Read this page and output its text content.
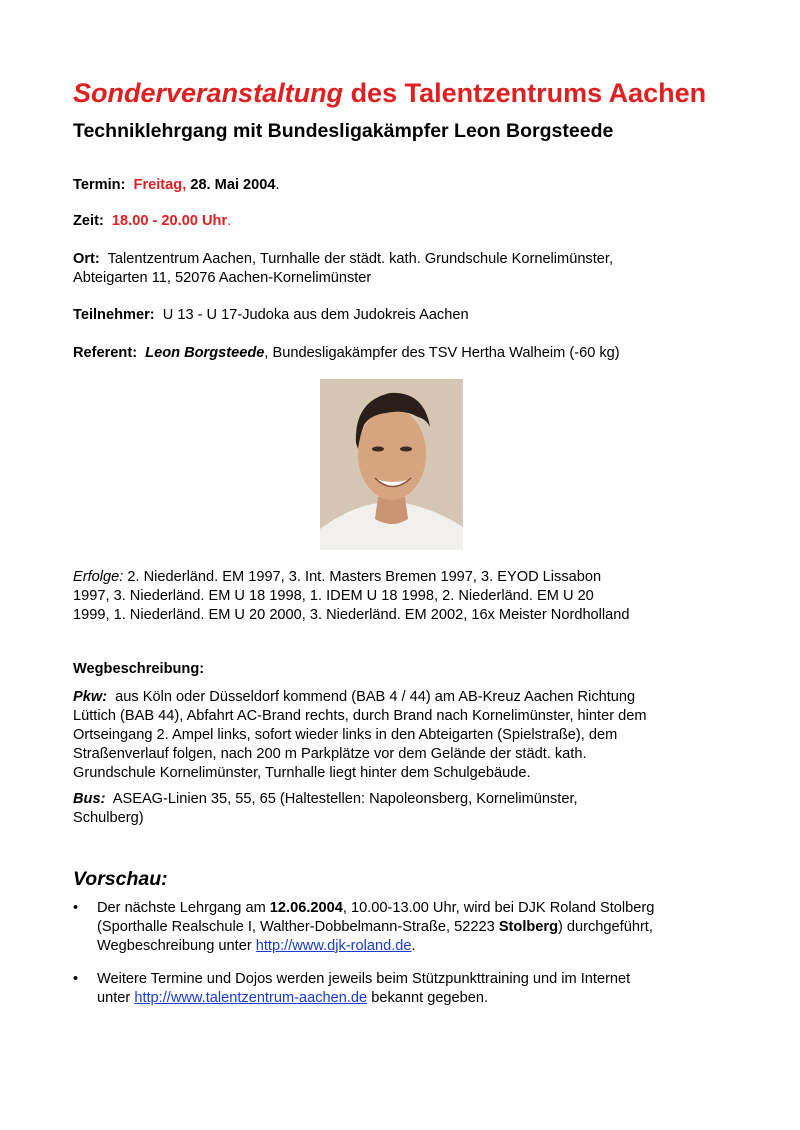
Sonderveranstaltung des Talentzentrums Aachen
Techniklehrgang mit Bundesligakämpfer Leon Borgsteede
Termin: Freitag, 28. Mai 2004.
Zeit: 18.00 - 20.00 Uhr.
Ort: Talentzentrum Aachen, Turnhalle der städt. kath. Grundschule Kornelimünster,
Abteigarten 11, 52076 Aachen-Kornelimünster
Teilnehmer: U 13 - U 17-Judoka aus dem Judokreis Aachen
Referent: Leon Borgsteede, Bundesligakämpfer des TSV Hertha Walheim (-60 kg)
Erfolge: 2. Niederländ. EM 1997, 3. Int. Masters Bremen 1997, 3. EYOD Lissabon
1997, 3. Niederländ. EM U 18 1998, 1. IDEM U 18 1998, 2. Niederländ. EM U 20
1999, 1. Niederländ. EM U 20 2000, 3. Niederländ. EM 2002, 16x Meister Nordholland
Wegbeschreibung:
Pkw: aus Köln oder Düsseldorf kommend (BAB 4 / 44) am AB-Kreuz Aachen Richtung
Lüttich (BAB 44), Abfahrt AC-Brand rechts, durch Brand nach Kornelimünster, hinter dem
Ortseingang 2. Ampel links, sofort wieder links in den Abteigarten (Spielstraße), dem
Straßenverlauf folgen, nach 200 m Parkplätze vor dem Gelände der städt. kath.
Grundschule Kornelimünster, Turnhalle liegt hinter dem Schulgebäude.
Bus: ASEAG-Linien 35, 55, 65 (Haltestellen: Napoleonsberg, Kornelimünster,
Schulberg)
Vorschau:
• Der nächste Lehrgang am 12.06.2004, 10.00-13.00 Uhr, wird bei DJK Roland Stolberg
(Sporthalle Realschule I, Walther-Dobbelmann-Straße, 52223 Stolberg) durchgeführt,
Wegbeschreibung unter http://www.djk-roland.de.
• Weitere Termine und Dojos werden jeweils beim Stützpunkttraining und im Internet
unter http://www.talentzentrum-aachen.de bekannt gegeben.
